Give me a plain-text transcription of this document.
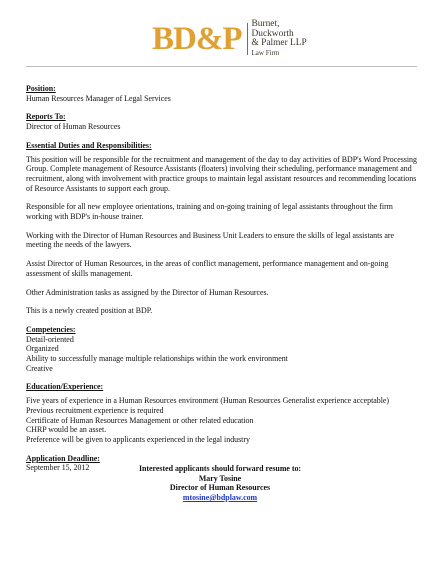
BD&P Burnet,
Duckworth
& Palmer LLP
Law Firm

Position:

Human Resources Manager of Legal Services

Reports To:

Director of Human Resources

Essential Duties and Responsibilities:

This position will be responsible for the recruitment and management of the day to day activities of BDP's Word Processing Group. Complete management of Resource Assistants (floaters) involving their scheduling, performance management and recruitment, along with involvement with practice groups to maintain legal assistant resources and recommending locations of Resource Assistants to support each group.

Responsible for all new employee orientations, training and on-going training of legal assistants throughout the firm working with BDP's in-house trainer.

Working with the Director of Human Resources and Business Unit Leaders to ensure the skills of legal assistants are meeting the needs of the lawyers.

Assist Director of Human Resources, in the areas of conflict management, performance management and on-going assessment of skills management.

Other Administration tasks as assigned by the Director of Human Resources.

This is a newly created position at BDP.

Competencies:

Detail-oriented

Organized

Ability to successfully manage multiple relationships within the work environment

Creative

Education/Experience:

Five years of experience in a Human Resources environment (Human Resources Generalist experience acceptable)

Previous recruitment experience is required

Certificate of Human Resources Management or other related education

CHRP would be an asset.

Preference will be given to applicants experienced in the legal industry

Application Deadline:

September 15, 2012	Interested applicants should forward resume to:

Mary Tosine

Director of Human Resources

mtosine@bdplaw.com
